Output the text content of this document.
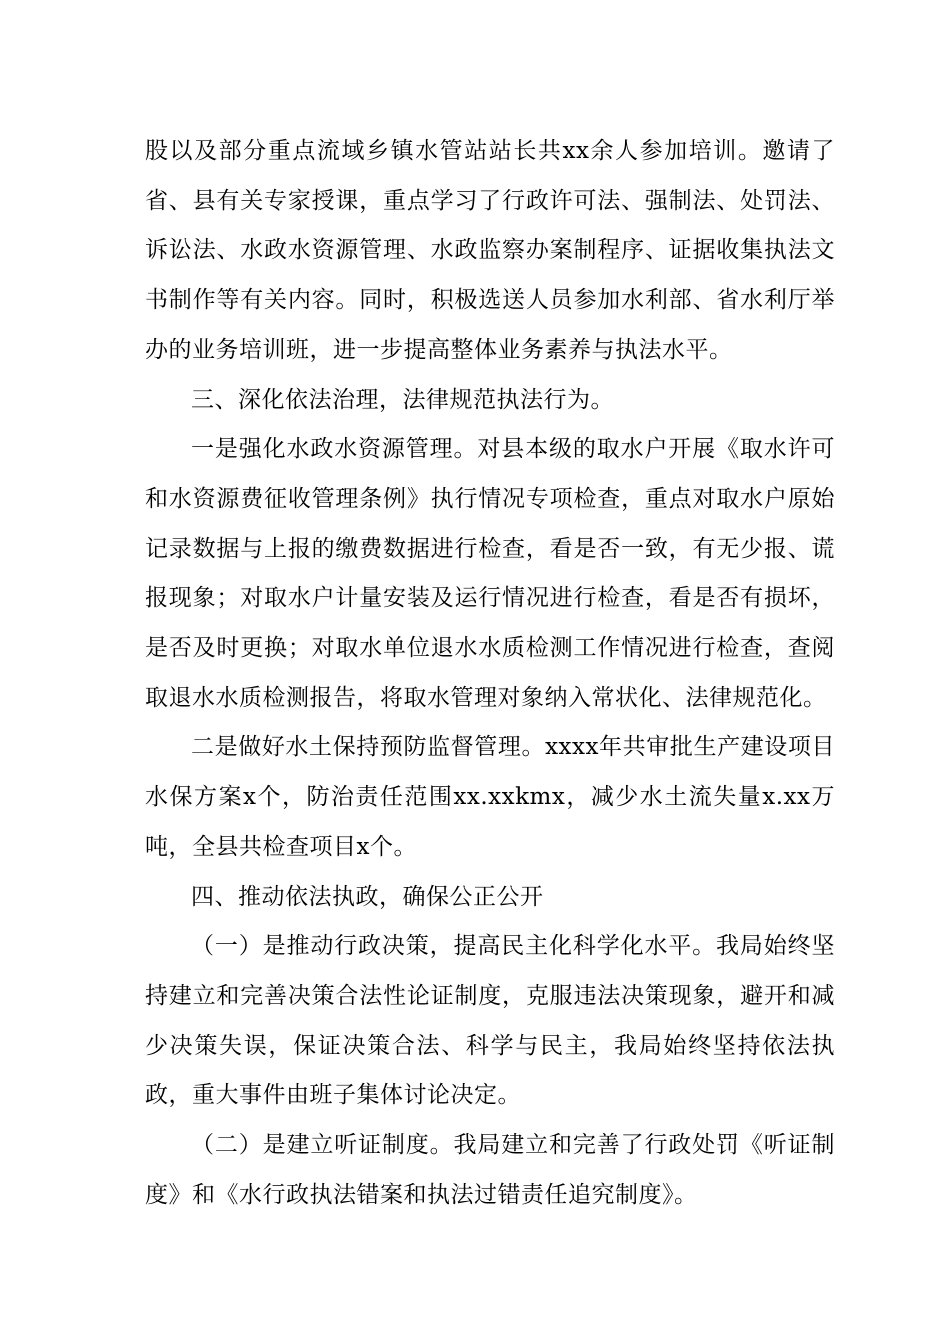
股以及部分重点流域乡镇水管站站长共xx余人参加培训。邀请了省、县有关专家授课，重点学习了行政许可法、强制法、处罚法、诉讼法、水政水资源管理、水政监察办案制程序、证据收集执法文书制作等有关内容。同时，积极选送人员参加水利部、省水利厅举办的业务培训班，进一步提高整体业务素养与执法水平。

三、深化依法治理，法律规范执法行为。

一是强化水政水资源管理。对县本级的取水户开展《取水许可和水资源费征收管理条例》执行情况专项检查，重点对取水户原始记录数据与上报的缴费数据进行检查，看是否一致，有无少报、谎报现象；对取水户计量安装及运行情况进行检查，看是否有损坏，是否及时更换；对取水单位退水水质检测工作情况进行检查，查阅取退水水质检测报告，将取水管理对象纳入常状化、法律规范化。

二是做好水土保持预防监督管理。xxxx年共审批生产建设项目水保方案x个，防治责任范围xx.xxkmx，减少水土流失量x.xx万吨，全县共检查项目x个。

四、推动依法执政，确保公正公开

（一）是推动行政决策，提高民主化科学化水平。我局始终坚持建立和完善决策合法性论证制度，克服违法决策现象，避开和减少决策失误，保证决策合法、科学与民主，我局始终坚持依法执政，重大事件由班子集体讨论决定。

（二）是建立听证制度。我局建立和完善了行政处罚《听证制度》和《水行政执法错案和执法过错责任追究制度》。
